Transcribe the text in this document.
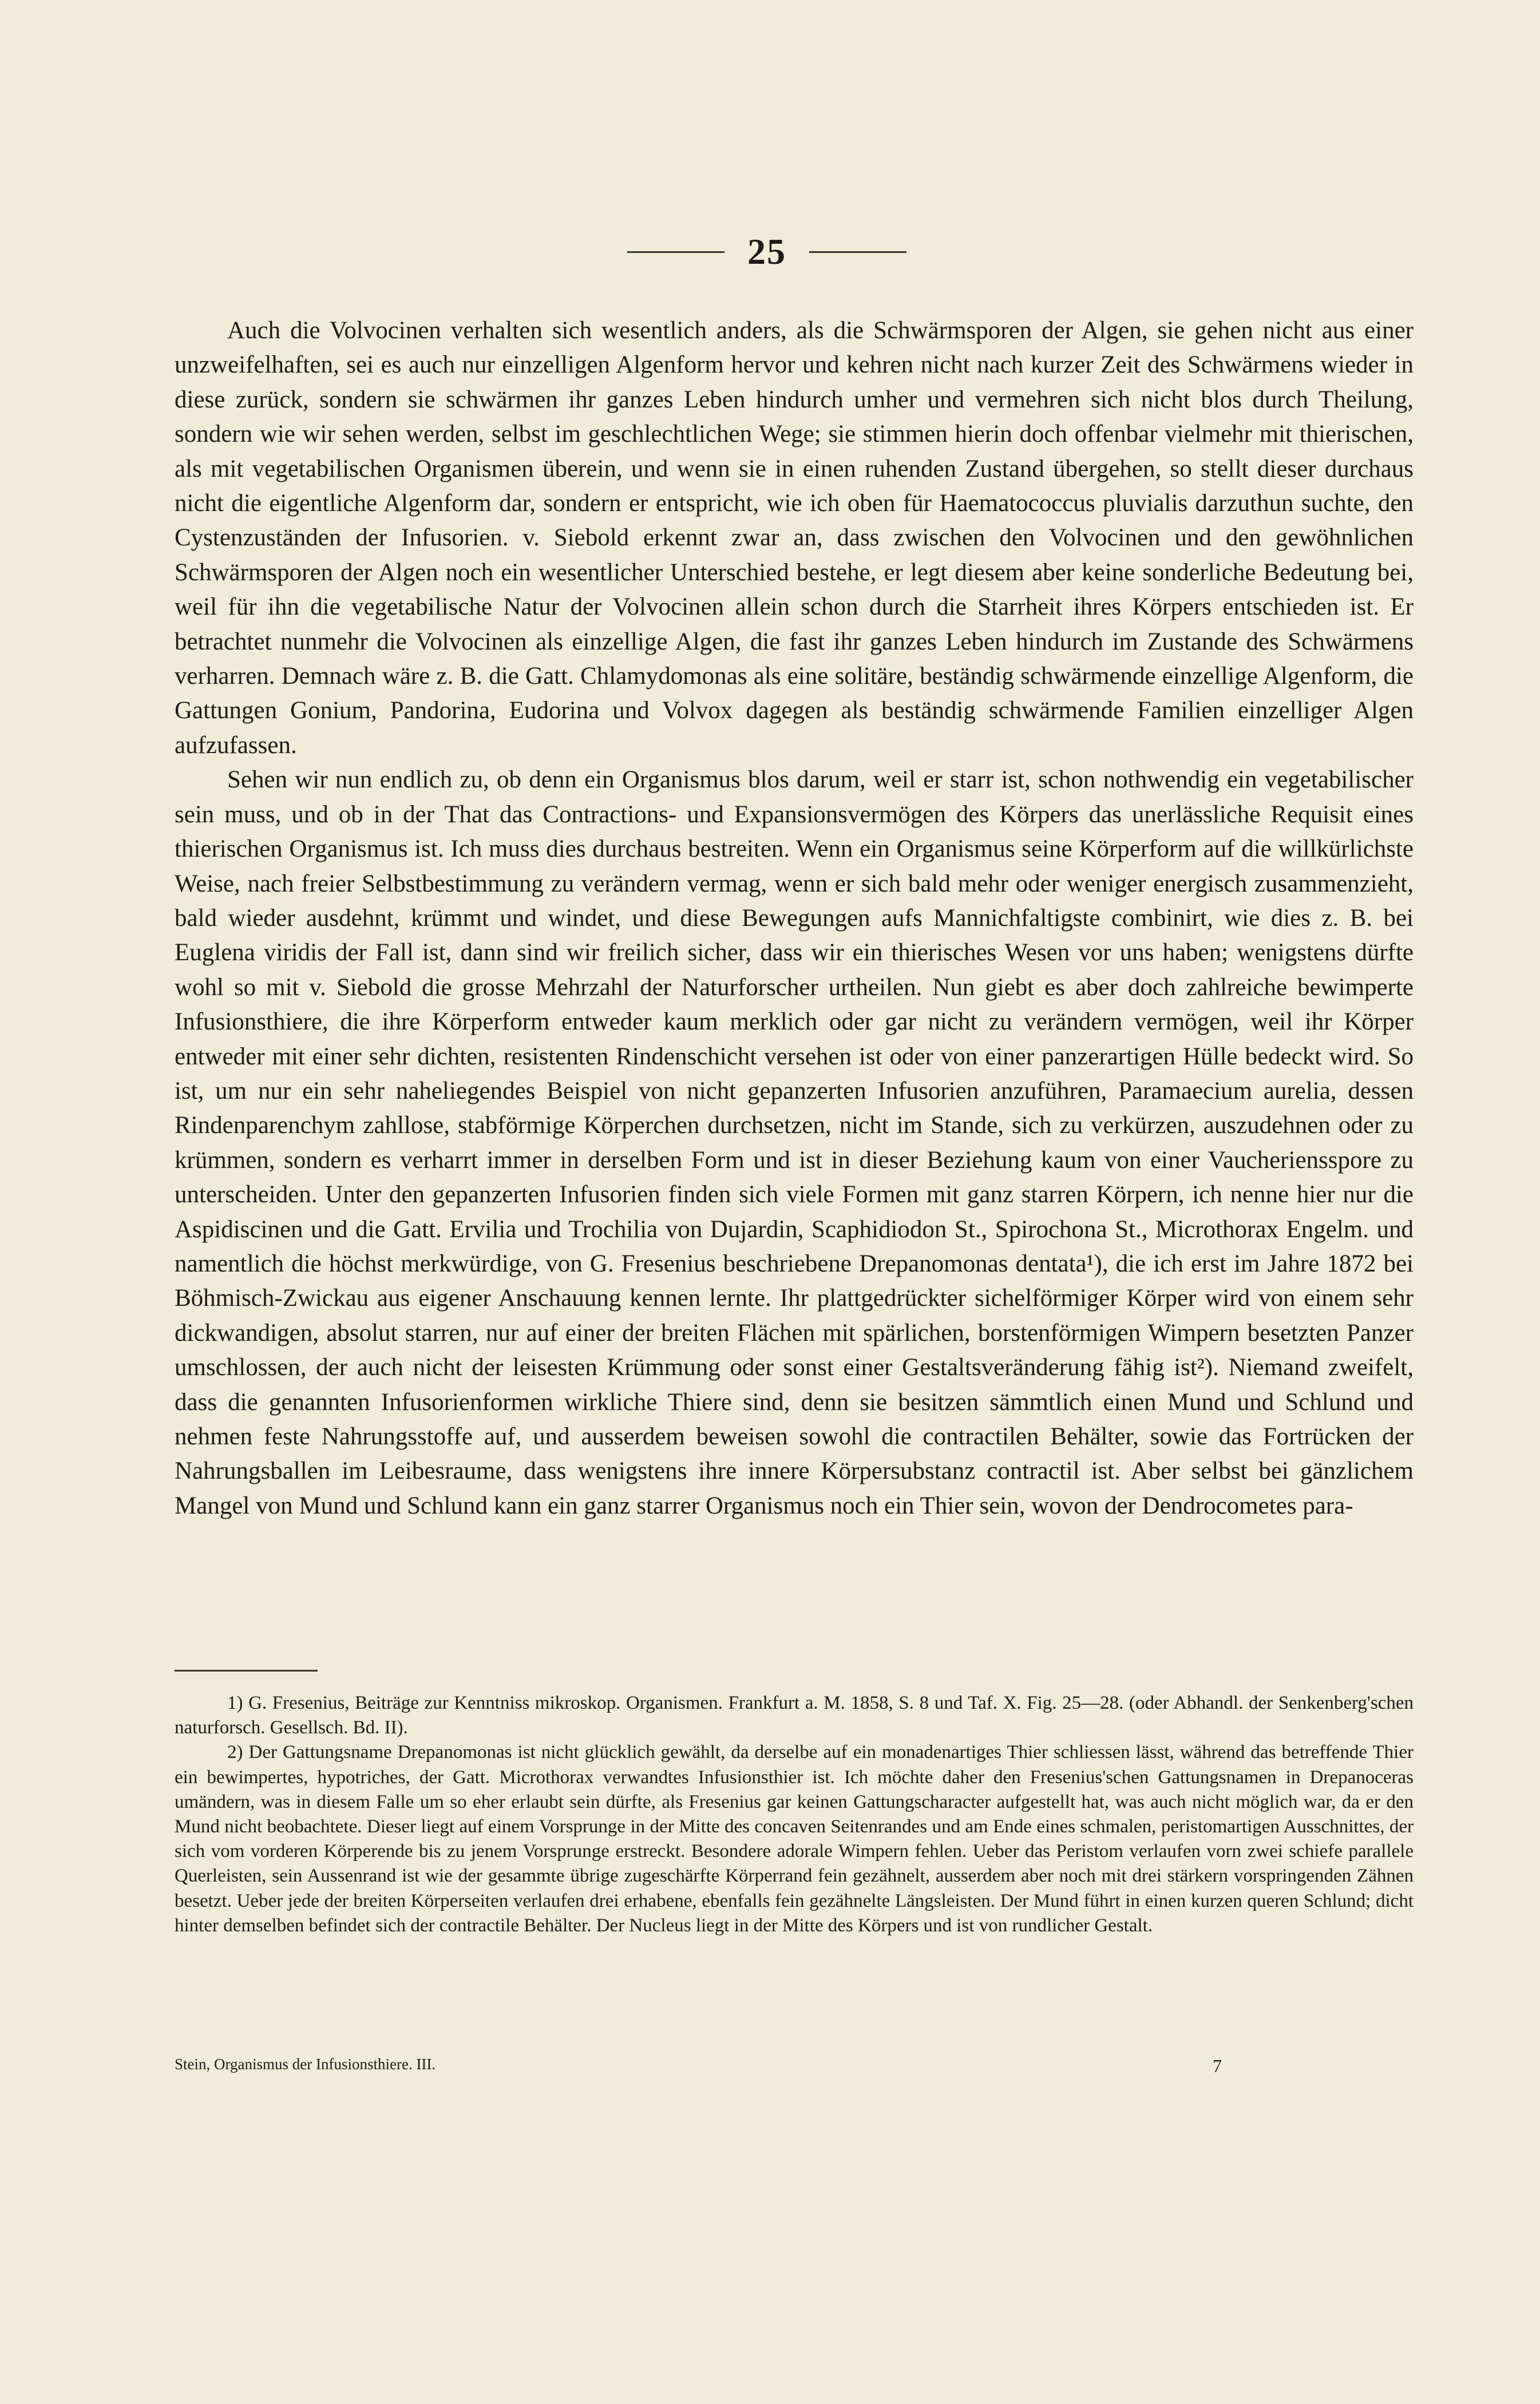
25

Auch die Volvocinen verhalten sich wesentlich anders, als die Schwärmsporen der Algen, sie gehen nicht aus einer unzweifelhaften, sei es auch nur einzelligen Algenform hervor und kehren nicht nach kurzer Zeit des Schwärmens wieder in diese zurück, sondern sie schwärmen ihr ganzes Leben hindurch umher und vermehren sich nicht blos durch Theilung, sondern wie wir sehen werden, selbst im geschlechtlichen Wege; sie stimmen hierin doch offenbar vielmehr mit thierischen, als mit vegetabilischen Organismen überein, und wenn sie in einen ruhenden Zustand übergehen, so stellt dieser durchaus nicht die eigentliche Algenform dar, sondern er entspricht, wie ich oben für Haematococcus pluvialis darzuthun suchte, den Cystenzuständen der Infusorien. v. Siebold erkennt zwar an, dass zwischen den Volvocinen und den gewöhnlichen Schwärmsporen der Algen noch ein wesentlicher Unterschied bestehe, er legt diesem aber keine sonderliche Bedeutung bei, weil für ihn die vegetabilische Natur der Volvocinen allein schon durch die Starrheit ihres Körpers entschieden ist. Er betrachtet nunmehr die Volvocinen als einzellige Algen, die fast ihr ganzes Leben hindurch im Zustande des Schwärmens verharren. Demnach wäre z. B. die Gatt. Chlamydomonas als eine solitäre, beständig schwärmende einzellige Algenform, die Gattungen Gonium, Pandorina, Eudorina und Volvox dagegen als beständig schwärmende Familien einzelliger Algen aufzufassen.

Sehen wir nun endlich zu, ob denn ein Organismus blos darum, weil er starr ist, schon nothwendig ein vegetabilischer sein muss, und ob in der That das Contractions- und Expansionsvermögen des Körpers das unerlässliche Requisit eines thierischen Organismus ist. Ich muss dies durchaus bestreiten. Wenn ein Organismus seine Körperform auf die willkürlichste Weise, nach freier Selbstbestimmung zu verändern vermag, wenn er sich bald mehr oder weniger energisch zusammenzieht, bald wieder ausdehnt, krümmt und windet, und diese Bewegungen aufs Mannichfaltigste combinirt, wie dies z. B. bei Euglena viridis der Fall ist, dann sind wir freilich sicher, dass wir ein thierisches Wesen vor uns haben; wenigstens dürfte wohl so mit v. Siebold die grosse Mehrzahl der Naturforscher urtheilen. Nun giebt es aber doch zahlreiche bewimperte Infusionsthiere, die ihre Körperform entweder kaum merklich oder gar nicht zu verändern vermögen, weil ihr Körper entweder mit einer sehr dichten, resistenten Rindenschicht versehen ist oder von einer panzerartigen Hülle bedeckt wird. So ist, um nur ein sehr naheliegendes Beispiel von nicht gepanzerten Infusorien anzuführen, Paramaecium aurelia, dessen Rindenparenchym zahllose, stabförmige Körperchen durchsetzen, nicht im Stande, sich zu verkürzen, auszudehnen oder zu krümmen, sondern es verharrt immer in derselben Form und ist in dieser Beziehung kaum von einer Vaucheriensspore zu unterscheiden. Unter den gepanzerten Infusorien finden sich viele Formen mit ganz starren Körpern, ich nenne hier nur die Aspidiscinen und die Gatt. Ervilia und Trochilia von Dujardin, Scaphidiodon St., Spirochona St., Microthorax Engelm. und namentlich die höchst merkwürdige, von G. Fresenius beschriebene Drepanomonas dentata¹), die ich erst im Jahre 1872 bei Böhmisch-Zwickau aus eigener Anschauung kennen lernte. Ihr plattgedrückter sichelförmiger Körper wird von einem sehr dickwandigen, absolut starren, nur auf einer der breiten Flächen mit spärlichen, borstenförmigen Wimpern besetzten Panzer umschlossen, der auch nicht der leisesten Krümmung oder sonst einer Gestaltsveränderung fähig ist²). Niemand zweifelt, dass die genannten Infusorienformen wirkliche Thiere sind, denn sie besitzen sämmtlich einen Mund und Schlund und nehmen feste Nahrungsstoffe auf, und ausserdem beweisen sowohl die contractilen Behälter, sowie das Fortrücken der Nahrungsballen im Leibesraume, dass wenigstens ihre innere Körpersubstanz contractil ist. Aber selbst bei gänzlichem Mangel von Mund und Schlund kann ein ganz starrer Organismus noch ein Thier sein, wovon der Dendrocometes para-

1) G. Fresenius, Beiträge zur Kenntniss mikroskop. Organismen. Frankfurt a. M. 1858, S. 8 und Taf. X. Fig. 25—28. (oder Abhandl. der Senkenberg'schen naturforsch. Gesellsch. Bd. II).

2) Der Gattungsname Drepanomonas ist nicht glücklich gewählt, da derselbe auf ein monadenartiges Thier schliessen lässt, während das betreffende Thier ein bewimpertes, hypotriches, der Gatt. Microthorax verwandtes Infusionsthier ist. Ich möchte daher den Fresenius'schen Gattungsnamen in Drepanoceras umändern, was in diesem Falle um so eher erlaubt sein dürfte, als Fresenius gar keinen Gattungscharacter aufgestellt hat, was auch nicht möglich war, da er den Mund nicht beobachtete. Dieser liegt auf einem Vorsprunge in der Mitte des concaven Seitenrandes und am Ende eines schmalen, peristomartigen Ausschnittes, der sich vom vorderen Körperende bis zu jenem Vorsprunge erstreckt. Besondere adorale Wimpern fehlen. Ueber das Peristom verlaufen vorn zwei schiefe parallele Querleisten, sein Aussenrand ist wie der gesammte übrige zugeschärfte Körperrand fein gezähnelt, ausserdem aber noch mit drei stärkern vorspringenden Zähnen besetzt. Ueber jede der breiten Körperseiten verlaufen drei erhabene, ebenfalls fein gezähnelte Längsleisten. Der Mund führt in einen kurzen queren Schlund; dicht hinter demselben befindet sich der contractile Behälter. Der Nucleus liegt in der Mitte des Körpers und ist von rundlicher Gestalt.

Stein, Organismus der Infusionsthiere. III.	7
